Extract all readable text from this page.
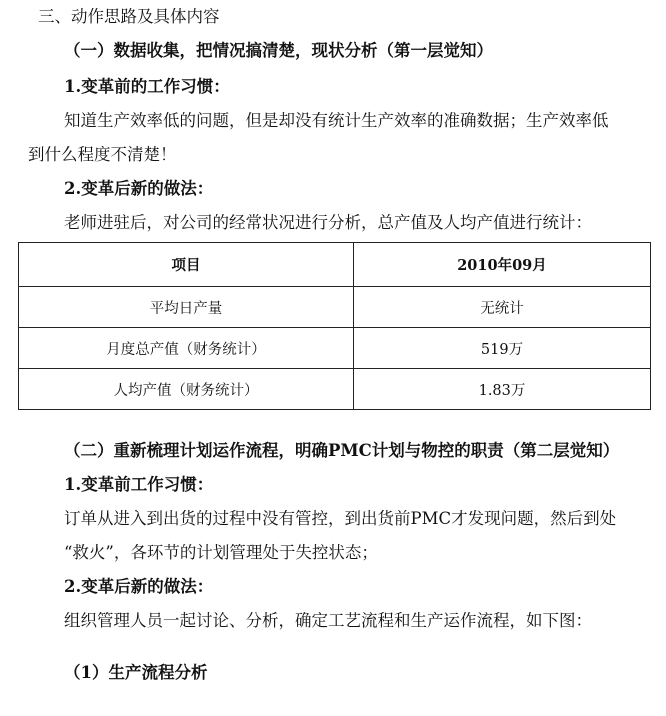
三、动作思路及具体内容
（一）数据收集，把情况搞清楚，现状分析（第一层觉知）
1.变革前的工作习惯：
知道生产效率低的问题，但是却没有统计生产效率的准确数据；生产效率低
到什么程度不清楚！
2.变革后新的做法：
老师进驻后，对公司的经常状况进行分析，总产值及人均产值进行统计：
项目	2010年09月
平均日产量	无统计
月度总产值（财务统计）	519万
人均产值（财务统计）	1.83万
（二）重新梳理计划运作流程，明确PMC计划与物控的职责（第二层觉知）
1.变革前工作习惯：
订单从进入到出货的过程中没有管控，到出货前PMC才发现问题，然后到处
“救火”，各环节的计划管理处于失控状态；
2.变革后新的做法：
组织管理人员一起讨论、分析，确定工艺流程和生产运作流程，如下图：
（1）生产流程分析
